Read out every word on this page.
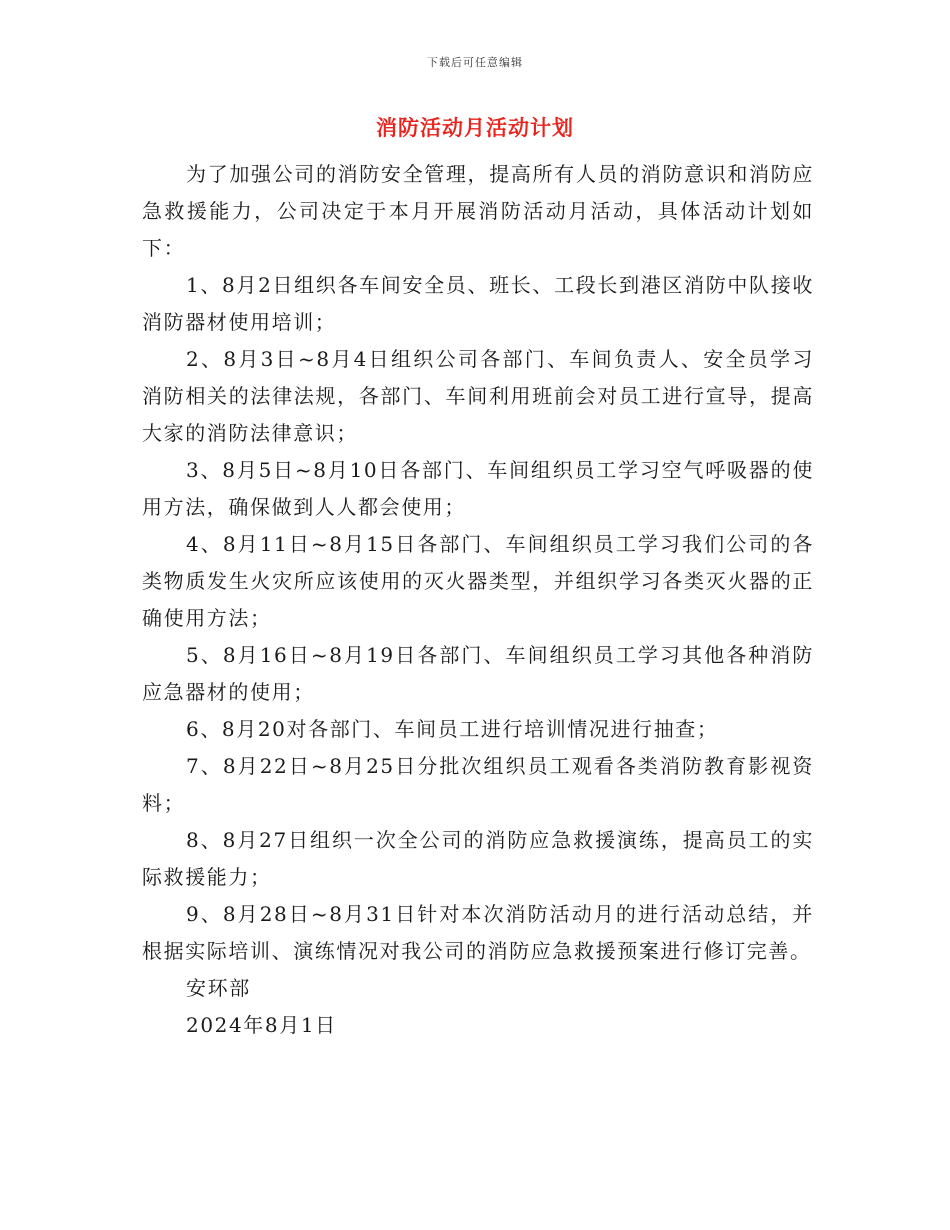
下载后可任意编辑
消防活动月活动计划

为了加强公司的消防安全管理，提高所有人员的消防意识和消防应急救援能力，公司决定于本月开展消防活动月活动，具体活动计划如下：

1、8月2日组织各车间安全员、班长、工段长到港区消防中队接收消防器材使用培训；

2、8月3日~8月4日组织公司各部门、车间负责人、安全员学习消防相关的法律法规，各部门、车间利用班前会对员工进行宣导，提高大家的消防法律意识；

3、8月5日~8月10日各部门、车间组织员工学习空气呼吸器的使用方法，确保做到人人都会使用；

4、8月11日~8月15日各部门、车间组织员工学习我们公司的各类物质发生火灾所应该使用的灭火器类型，并组织学习各类灭火器的正确使用方法；

5、8月16日~8月19日各部门、车间组织员工学习其他各种消防应急器材的使用；

6、8月20对各部门、车间员工进行培训情况进行抽查；

7、8月22日~8月25日分批次组织员工观看各类消防教育影视资料；

8、8月27日组织一次全公司的消防应急救援演练，提高员工的实际救援能力；

9、8月28日~8月31日针对本次消防活动月的进行活动总结，并根据实际培训、演练情况对我公司的消防应急救援预案进行修订完善。

安环部

2024年8月1日
